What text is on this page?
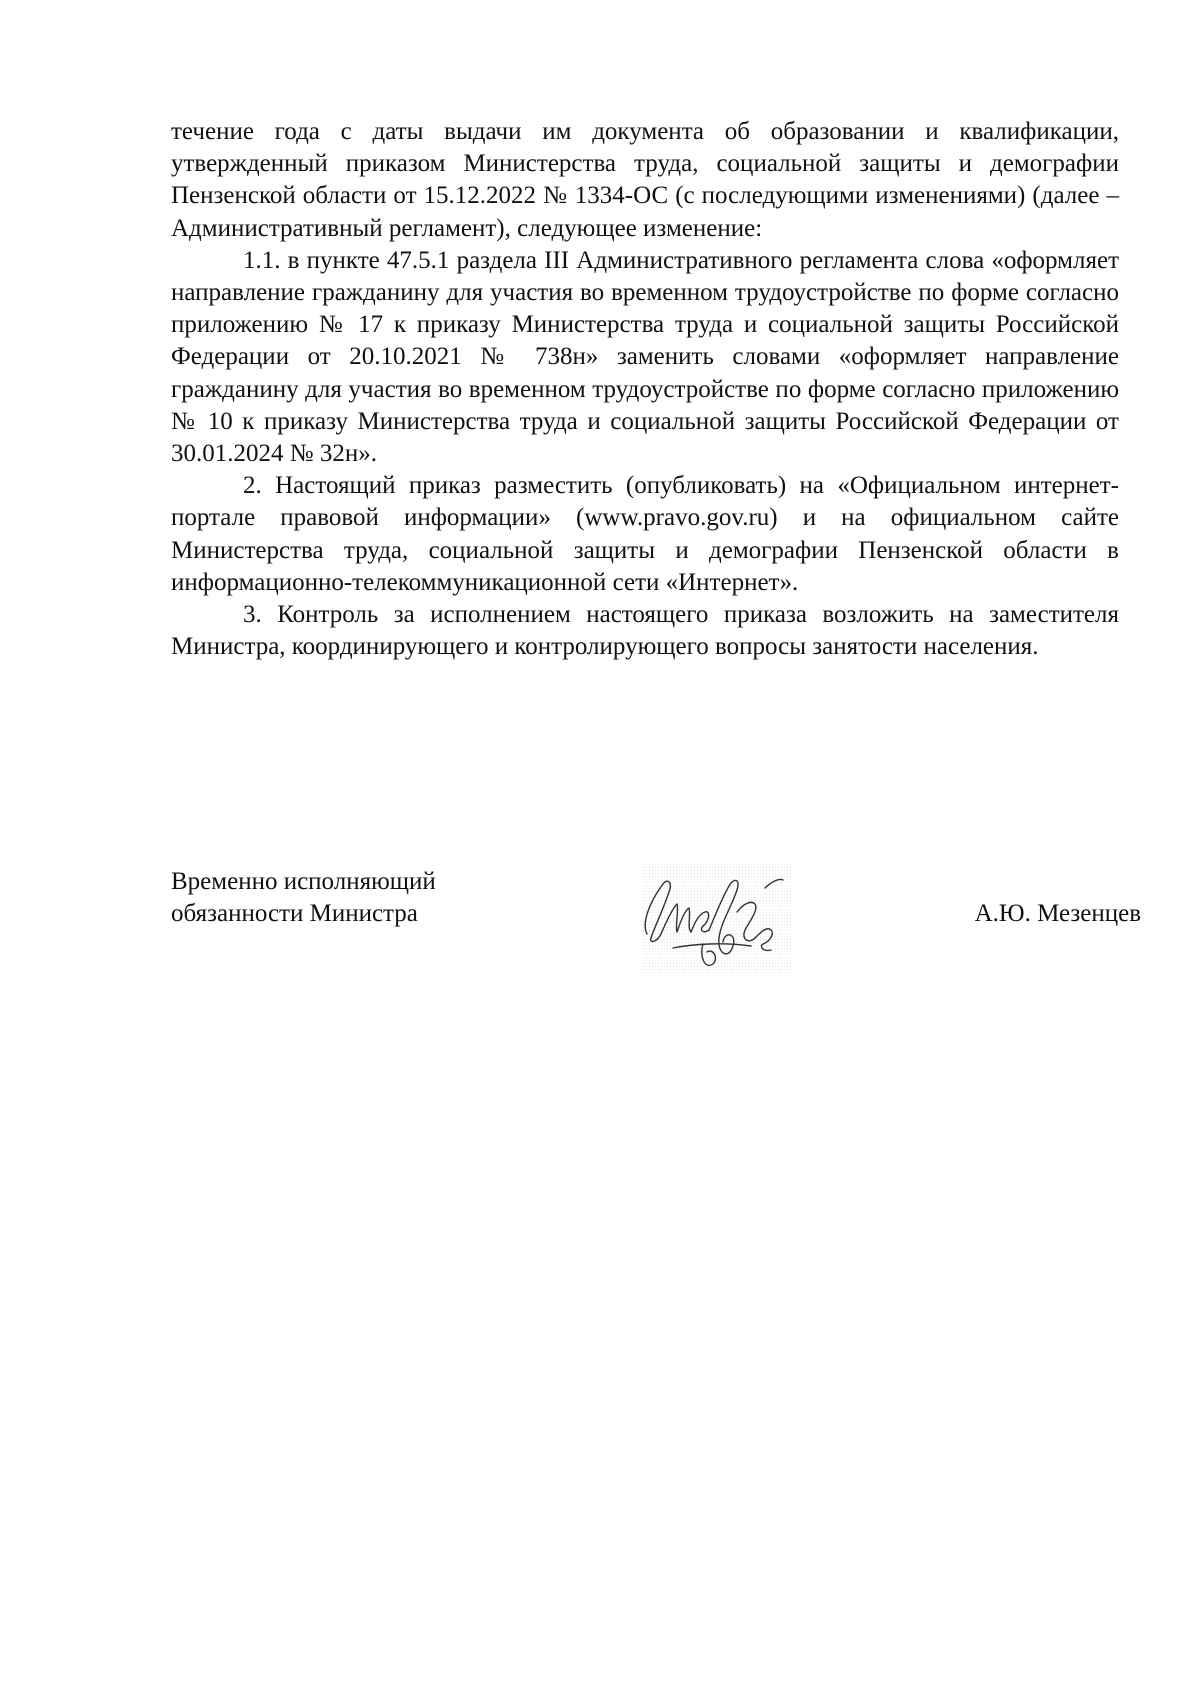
течение года с даты выдачи им документа об образовании и квалификации, утвержденный приказом Министерства труда, социальной защиты и демографии Пензенской области от 15.12.2022 № 1334-ОС (с последующими изменениями) (далее – Административный регламент), следующее изменение:

1.1. в пункте 47.5.1 раздела III Административного регламента слова «оформляет направление гражданину для участия во временном трудоустройстве по форме согласно приложению № 17 к приказу Министерства труда и социальной защиты Российской Федерации от 20.10.2021 № 738н» заменить словами «оформляет направление гражданину для участия во временном трудоустройстве по форме согласно приложению № 10 к приказу Министерства труда и социальной защиты Российской Федерации от 30.01.2024 № 32н».

2. Настоящий приказ разместить (опубликовать) на «Официальном интернет-портале правовой информации» (www.pravo.gov.ru) и на официальном сайте Министерства труда, социальной защиты и демографии Пензенской области в информационно-телекоммуникационной сети «Интернет».

3. Контроль за исполнением настоящего приказа возложить на заместителя Министра, координирующего и контролирующего вопросы занятости населения.

Временно исполняющий
обязанности Министра	А.Ю. Мезенцев
